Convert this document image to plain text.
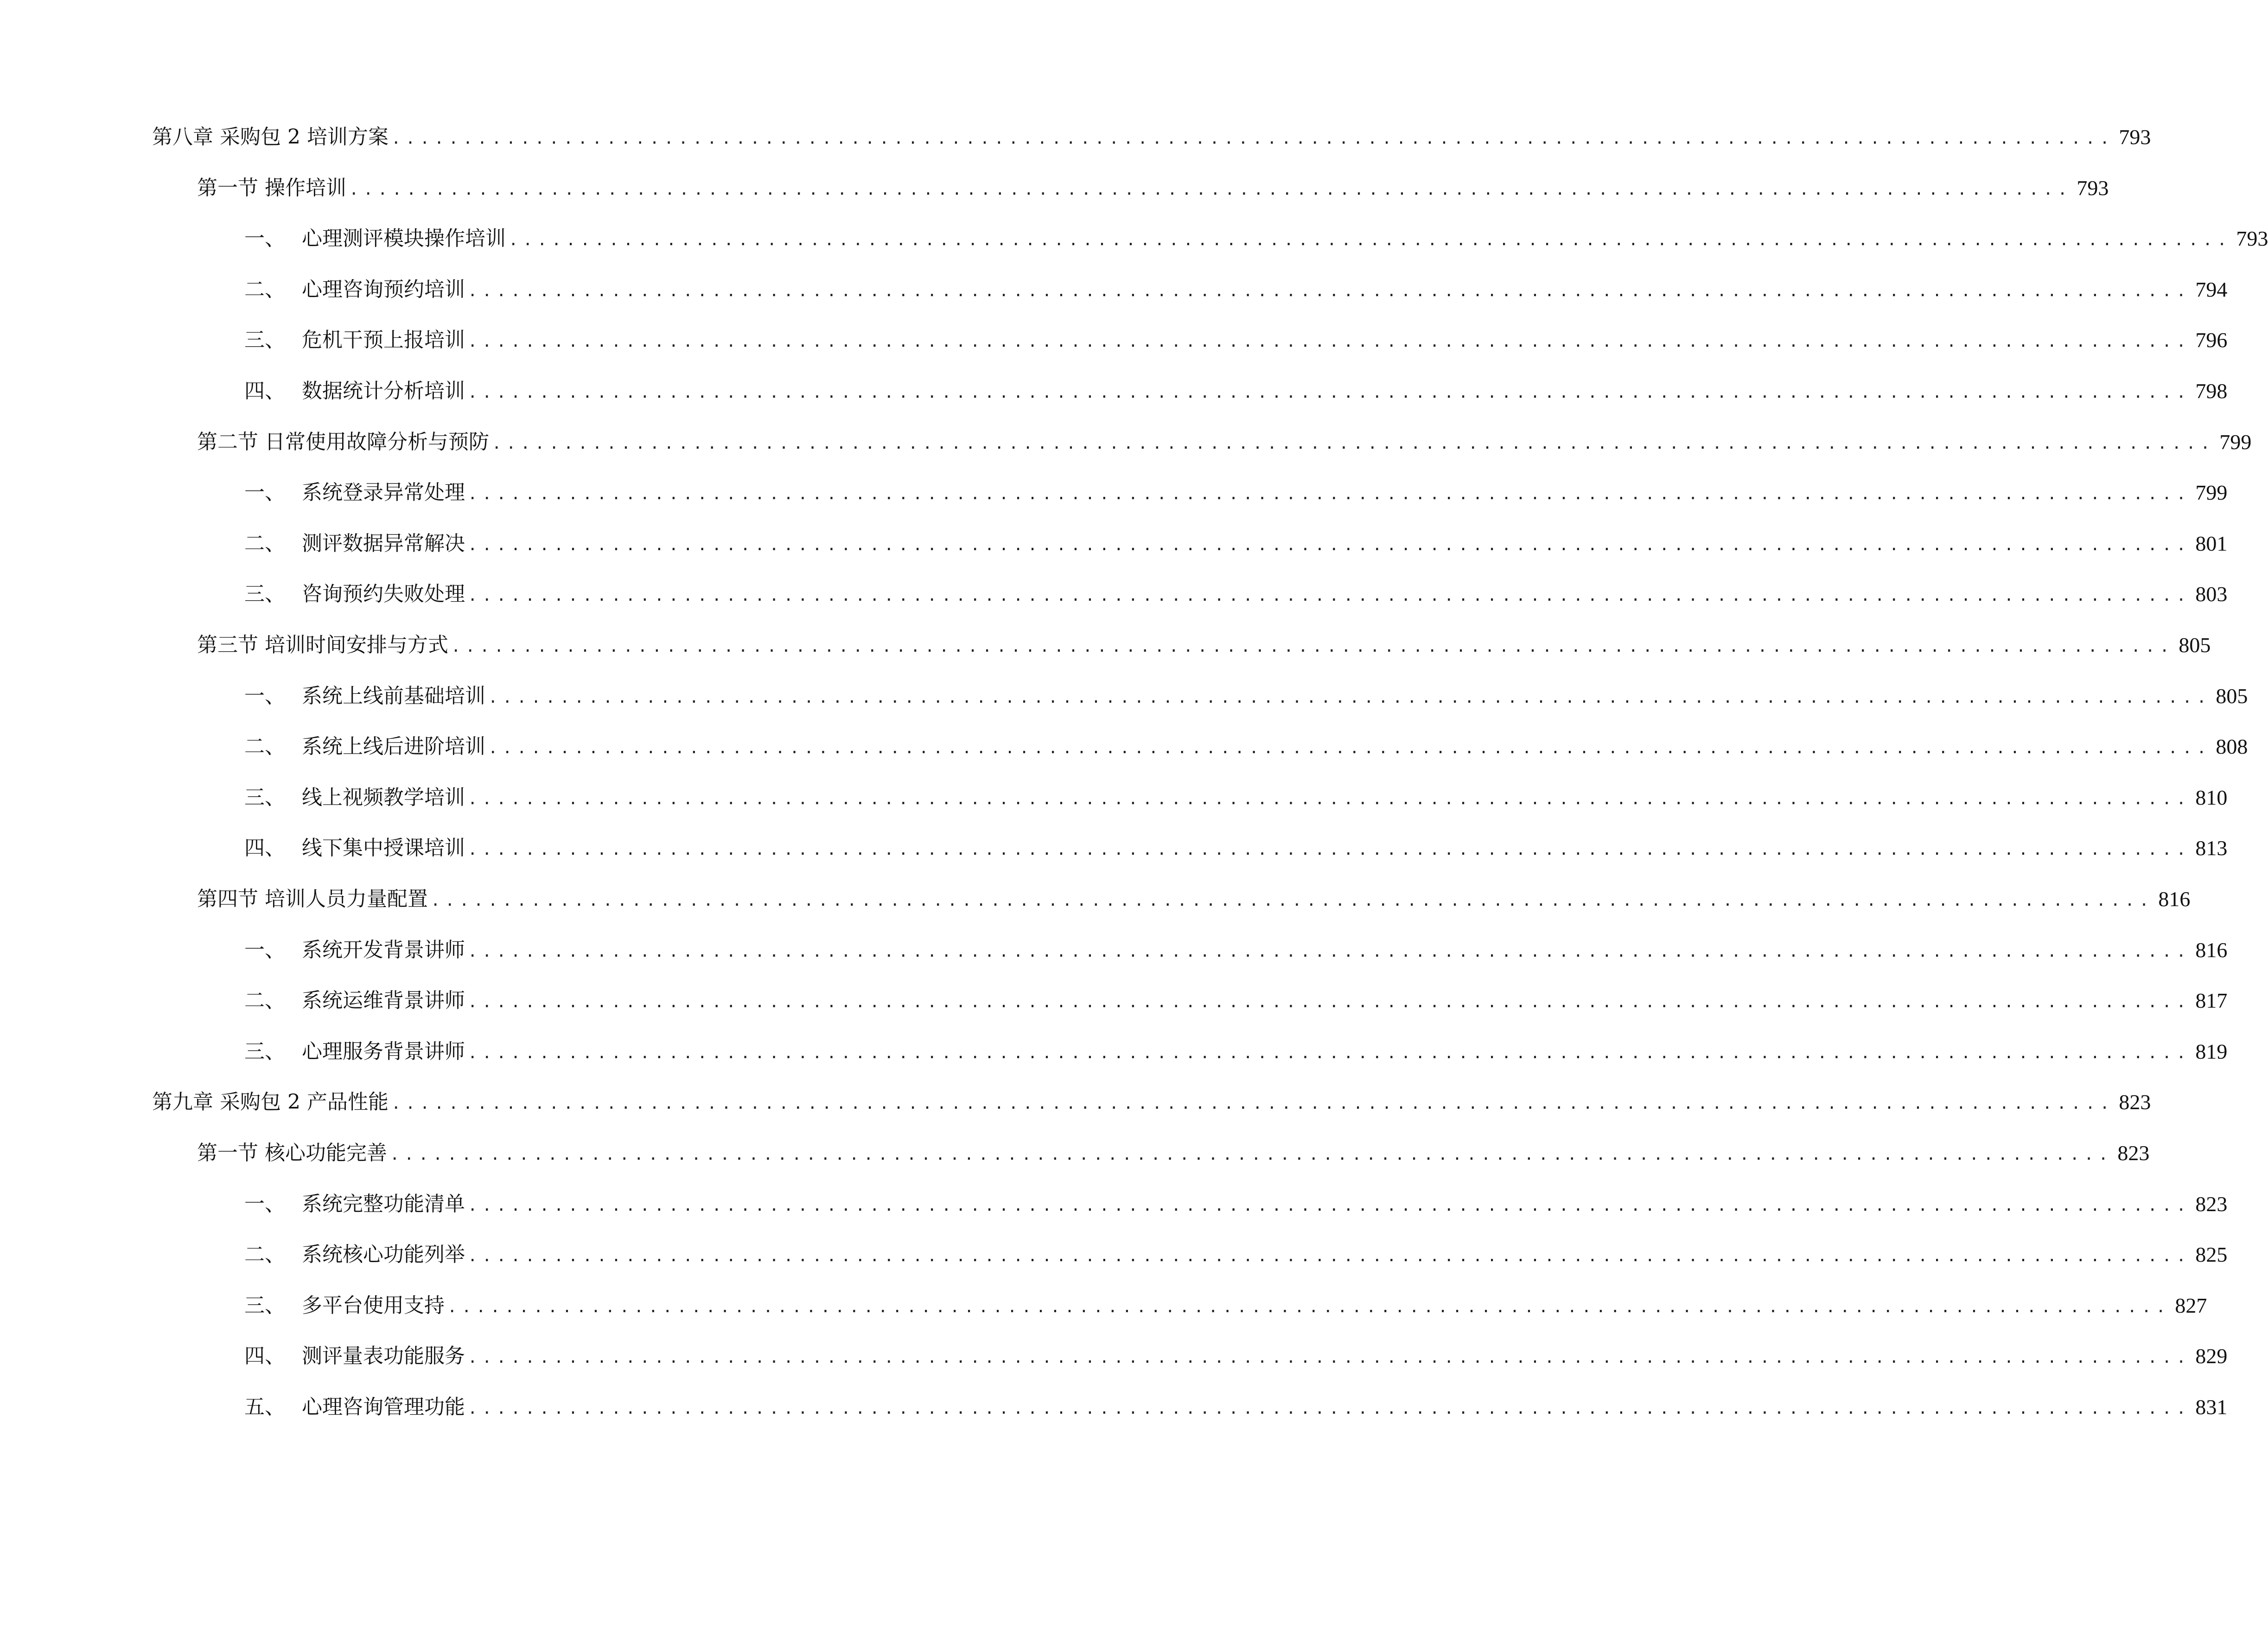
第八章 采购包 2 培训方案 ........................................................................................................................ 793
第一节 操作培训 ........................................................................................................................ 793
一、 心理测评模块操作培训 ........................................................................................................................ 793
二、 心理咨询预约培训 ........................................................................................................................ 794
三、 危机干预上报培训 ........................................................................................................................ 796
四、 数据统计分析培训 ........................................................................................................................ 798
第二节 日常使用故障分析与预防 ........................................................................................................................ 799
一、 系统登录异常处理 ........................................................................................................................ 799
二、 测评数据异常解决 ........................................................................................................................ 801
三、 咨询预约失败处理 ........................................................................................................................ 803
第三节 培训时间安排与方式 ........................................................................................................................ 805
一、 系统上线前基础培训 ........................................................................................................................ 805
二、 系统上线后进阶培训 ........................................................................................................................ 808
三、 线上视频教学培训 ........................................................................................................................ 810
四、 线下集中授课培训 ........................................................................................................................ 813
第四节 培训人员力量配置 ........................................................................................................................ 816
一、 系统开发背景讲师 ........................................................................................................................ 816
二、 系统运维背景讲师 ........................................................................................................................ 817
三、 心理服务背景讲师 ........................................................................................................................ 819
第九章 采购包 2 产品性能 ........................................................................................................................ 823
第一节 核心功能完善 ........................................................................................................................ 823
一、 系统完整功能清单 ........................................................................................................................ 823
二、 系统核心功能列举 ........................................................................................................................ 825
三、 多平台使用支持 ........................................................................................................................ 827
四、 测评量表功能服务 ........................................................................................................................ 829
五、 心理咨询管理功能 ........................................................................................................................ 831
